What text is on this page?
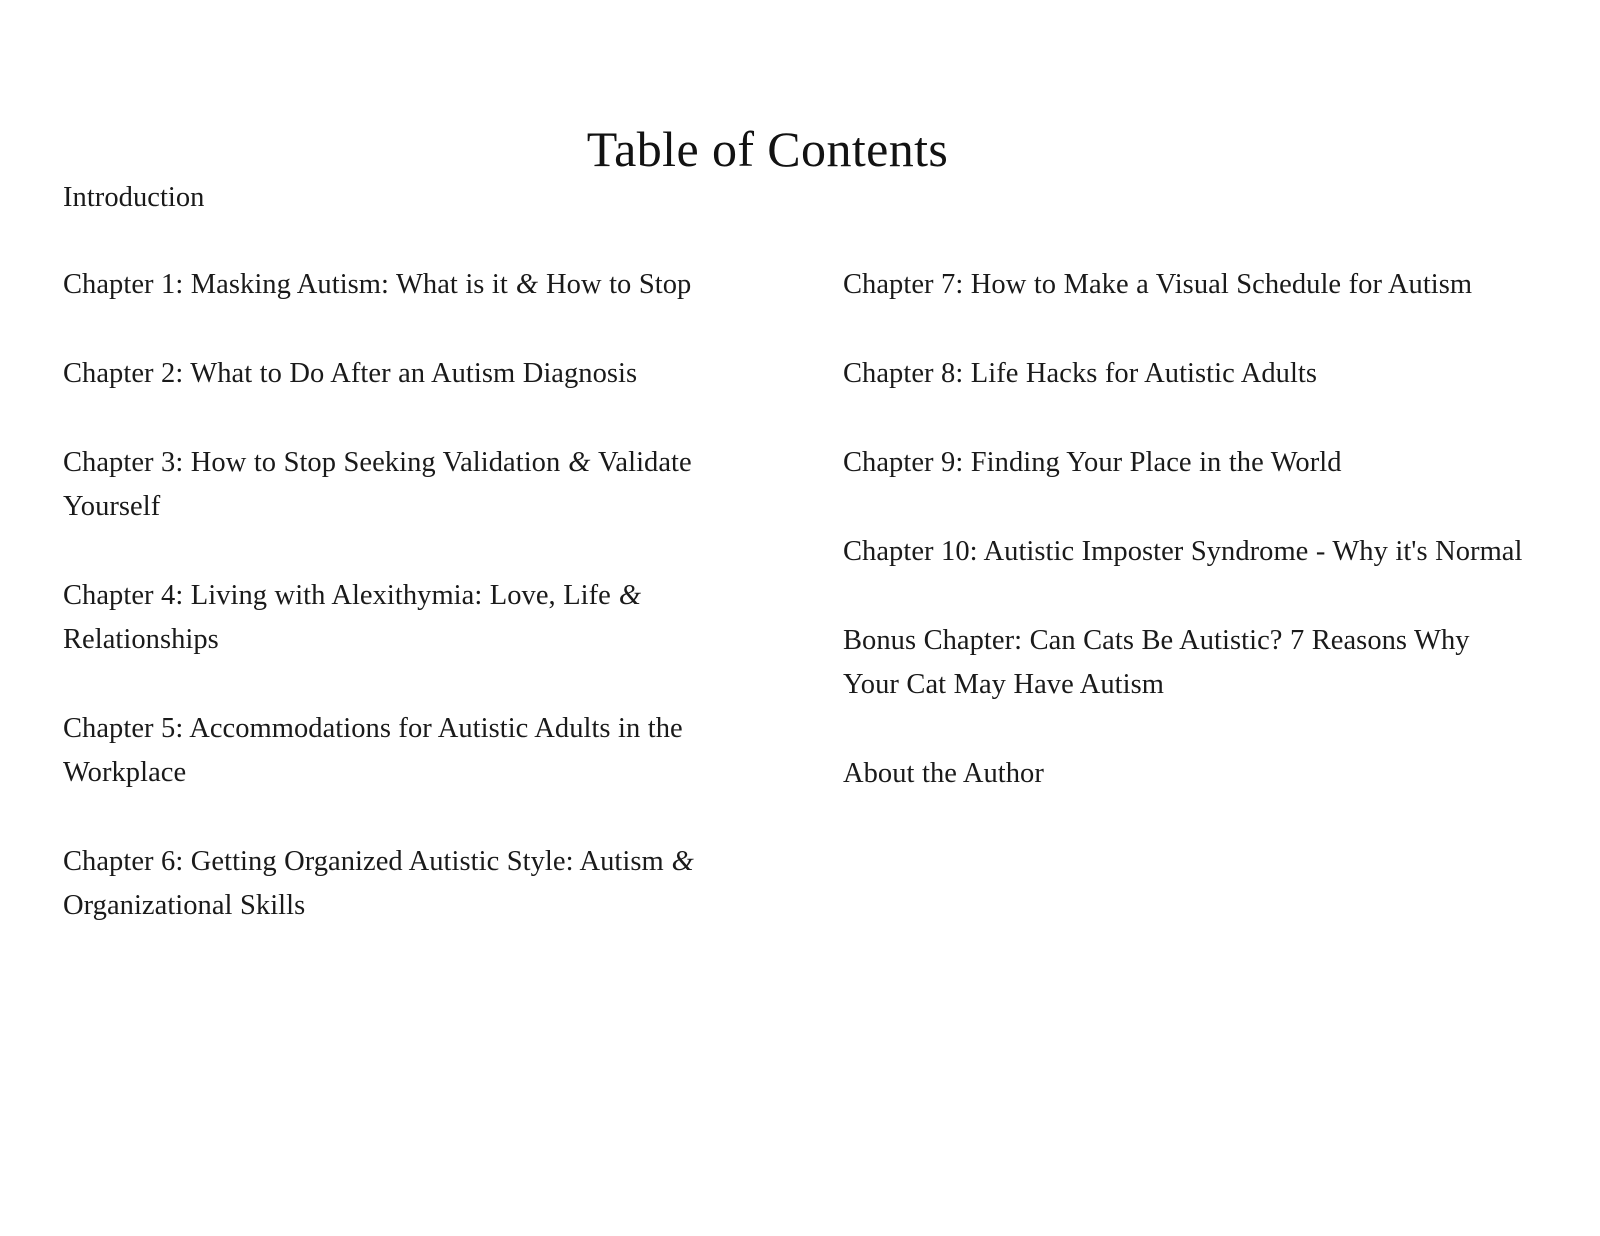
Table of Contents

Introduction

Chapter 1: Masking Autism: What is it & How to Stop

Chapter 2: What to Do After an Autism Diagnosis

Chapter 3: How to Stop Seeking Validation & Validate Yourself

Chapter 4: Living with Alexithymia: Love, Life & Relationships

Chapter 5: Accommodations for Autistic Adults in the Workplace

Chapter 6: Getting Organized Autistic Style: Autism & Organizational Skills

Chapter 7: How to Make a Visual Schedule for Autism

Chapter 8: Life Hacks for Autistic Adults

Chapter 9: Finding Your Place in the World

Chapter 10: Autistic Imposter Syndrome - Why it's Normal

Bonus Chapter: Can Cats Be Autistic? 7 Reasons Why Your Cat May Have Autism

About the Author
